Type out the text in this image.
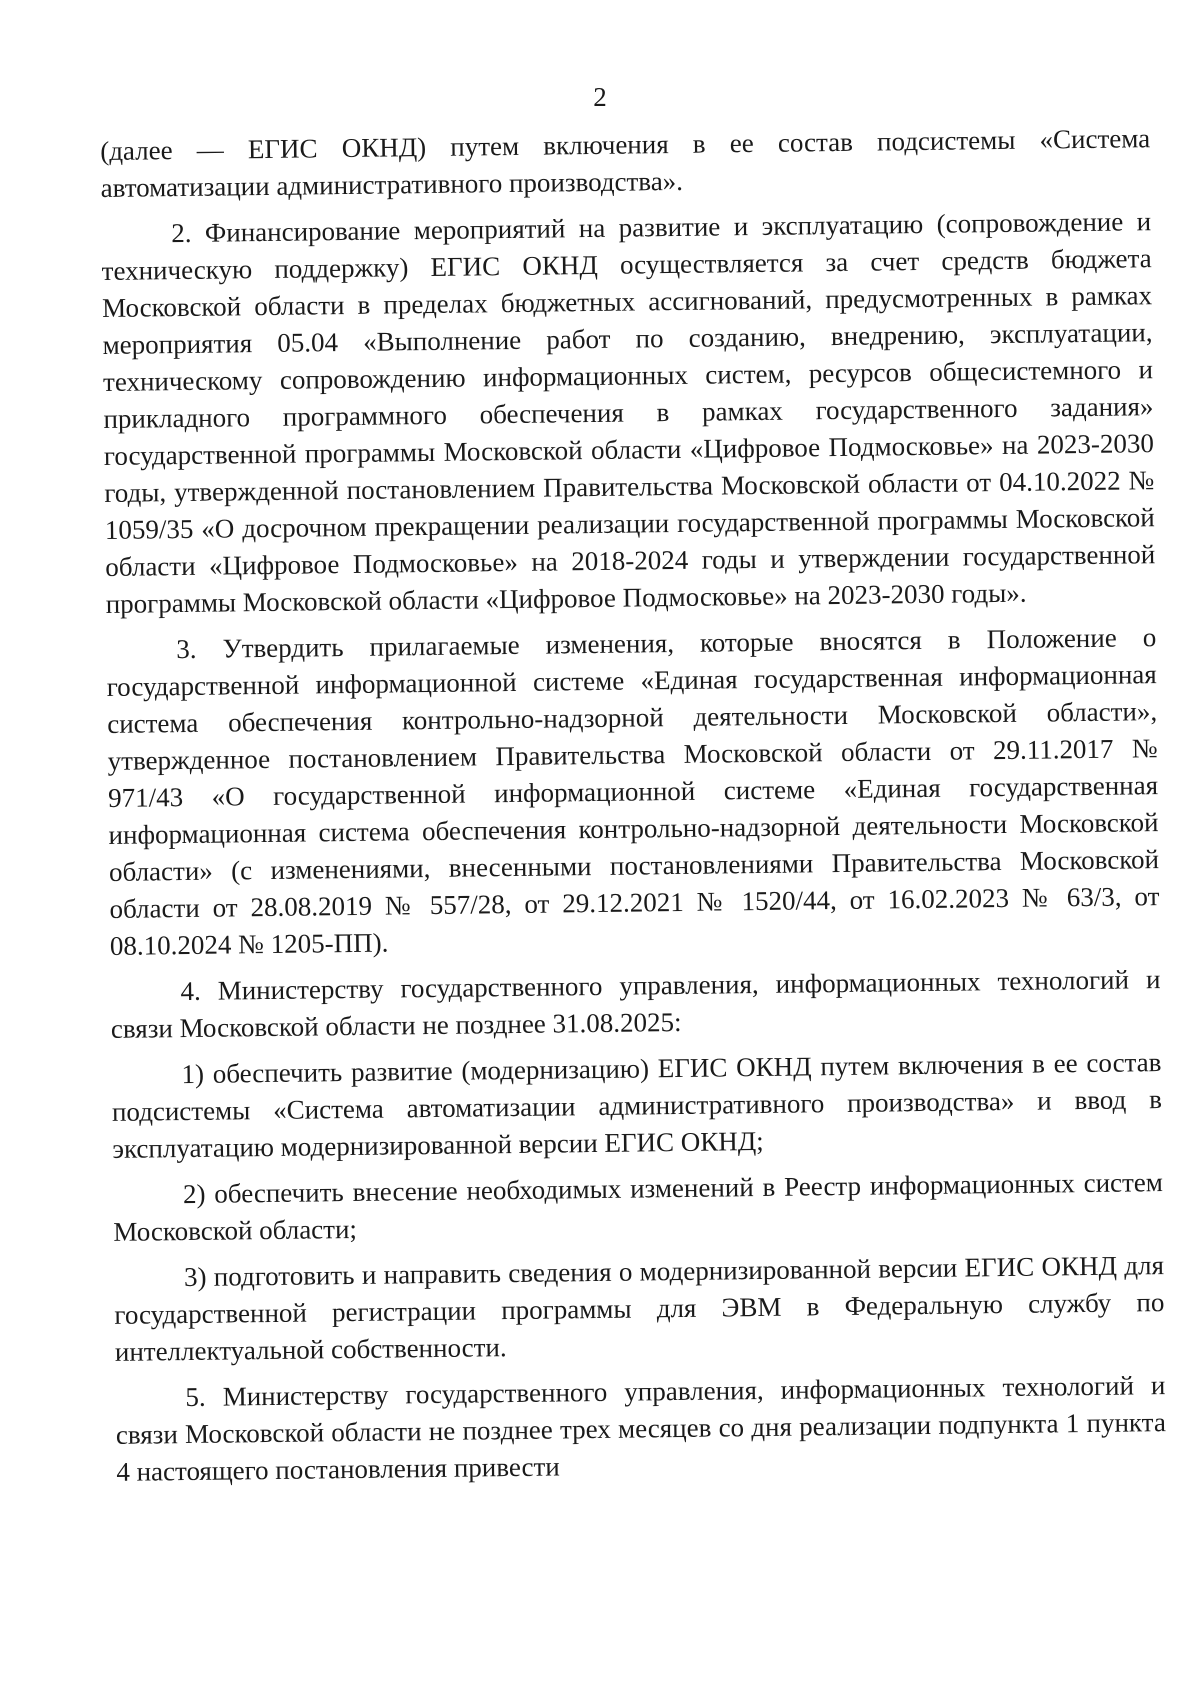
2

(далее — ЕГИС ОКНД) путем включения в ее состав подсистемы «Система автоматизации административного производства».

2. Финансирование мероприятий на развитие и эксплуатацию (сопровождение и техническую поддержку) ЕГИС ОКНД осуществляется за счет средств бюджета Московской области в пределах бюджетных ассигнований, предусмотренных в рамках мероприятия 05.04 «Выполнение работ по созданию, внедрению, эксплуатации, техническому сопровождению информационных систем, ресурсов общесистемного и прикладного программного обеспечения в рамках государственного задания» государственной программы Московской области «Цифровое Подмосковье» на 2023-2030 годы, утвержденной постановлением Правительства Московской области от 04.10.2022 № 1059/35 «О досрочном прекращении реализации государственной программы Московской области «Цифровое Подмосковье» на 2018-2024 годы и утверждении государственной программы Московской области «Цифровое Подмосковье» на 2023-2030 годы».

3. Утвердить прилагаемые изменения, которые вносятся в Положение о государственной информационной системе «Единая государственная информационная система обеспечения контрольно-надзорной деятельности Московской области», утвержденное постановлением Правительства Московской области от 29.11.2017 № 971/43 «О государственной информационной системе «Единая государственная информационная система обеспечения контрольно-надзорной деятельности Московской области» (с изменениями, внесенными постановлениями Правительства Московской области от 28.08.2019 № 557/28, от 29.12.2021 № 1520/44, от 16.02.2023 № 63/3, от 08.10.2024 № 1205-ПП).

4. Министерству государственного управления, информационных технологий и связи Московской области не позднее 31.08.2025:

1) обеспечить развитие (модернизацию) ЕГИС ОКНД путем включения в ее состав подсистемы «Система автоматизации административного производства» и ввод в эксплуатацию модернизированной версии ЕГИС ОКНД;

2) обеспечить внесение необходимых изменений в Реестр информационных систем Московской области;

3) подготовить и направить сведения о модернизированной версии ЕГИС ОКНД для государственной регистрации программы для ЭВМ в Федеральную службу по интеллектуальной собственности.

5. Министерству государственного управления, информационных технологий и связи Московской области не позднее трех месяцев со дня реализации подпункта 1 пункта 4 настоящего постановления привести
